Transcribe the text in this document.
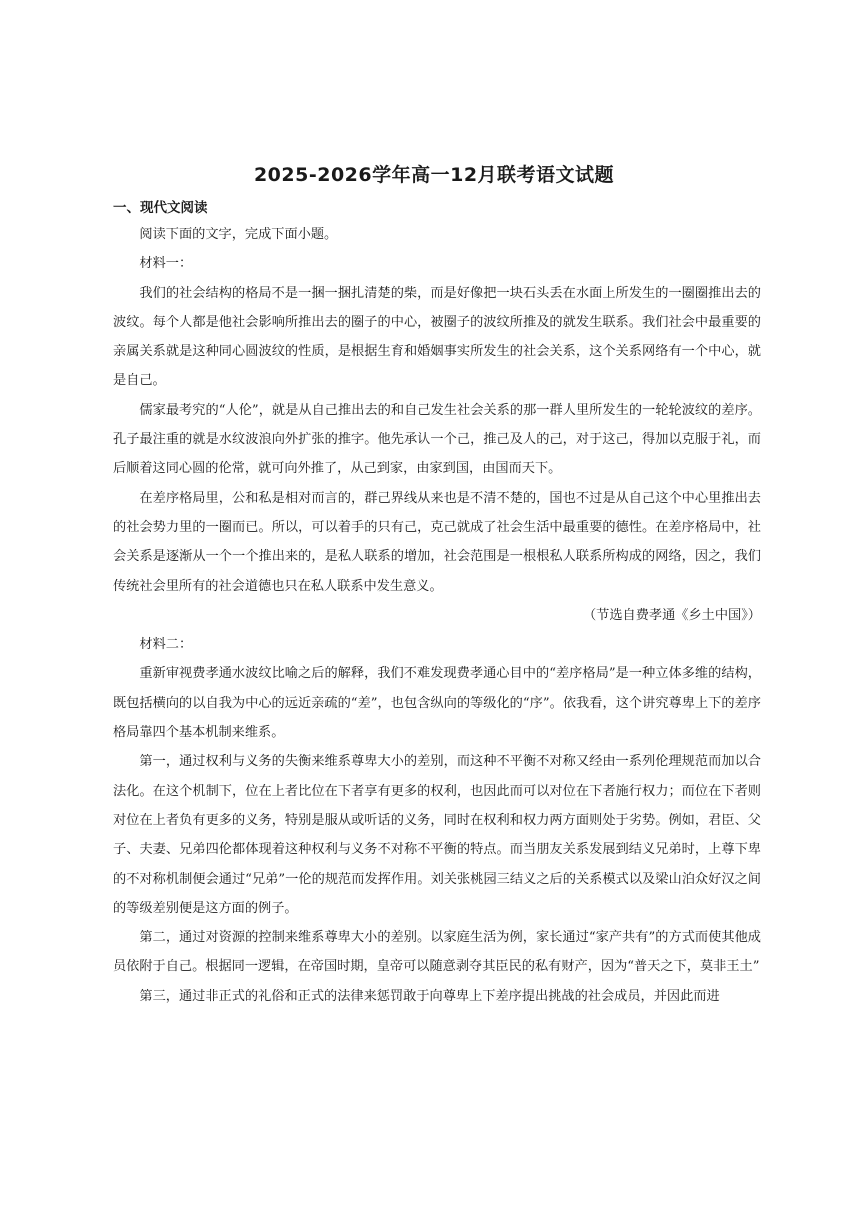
2025-2026学年高一12月联考语文试题
一、现代文阅读

阅读下面的文字，完成下面小题。

材料一：

我们的社会结构的格局不是一捆一捆扎清楚的柴，而是好像把一块石头丢在水面上所发生的一圈圈推出去的波纹。每个人都是他社会影响所推出去的圈子的中心，被圈子的波纹所推及的就发生联系。我们社会中最重要的亲属关系就是这种同心圆波纹的性质，是根据生育和婚姻事实所发生的社会关系，这个关系网络有一个中心，就是自己。

儒家最考究的“人伦”，就是从自己推出去的和自己发生社会关系的那一群人里所发生的一轮轮波纹的差序。孔子最注重的就是水纹波浪向外扩张的推字。他先承认一个己，推己及人的己，对于这己，得加以克服于礼，而后顺着这同心圆的伦常，就可向外推了，从己到家，由家到国，由国而天下。

在差序格局里，公和私是相对而言的，群己界线从来也是不清不楚的，国也不过是从自己这个中心里推出去的社会势力里的一圈而已。所以，可以着手的只有己，克己就成了社会生活中最重要的德性。在差序格局中，社会关系是逐渐从一个一个推出来的，是私人联系的增加，社会范围是一根根私人联系所构成的网络，因之，我们传统社会里所有的社会道德也只在私人联系中发生意义。

（节选自费孝通《乡土中国》）

材料二：

重新审视费孝通水波纹比喻之后的解释，我们不难发现费孝通心目中的“差序格局”是一种立体多维的结构，既包括横向的以自我为中心的远近亲疏的“差”，也包含纵向的等级化的“序”。依我看，这个讲究尊卑上下的差序格局靠四个基本机制来维系。

第一，通过权利与义务的失衡来维系尊卑大小的差别，而这种不平衡不对称又经由一系列伦理规范而加以合法化。在这个机制下，位在上者比位在下者享有更多的权利，也因此而可以对位在下者施行权力；而位在下者则对位在上者负有更多的义务，特别是服从或听话的义务，同时在权利和权力两方面则处于劣势。例如，君臣、父子、夫妻、兄弟四伦都体现着这种权利与义务不对称不平衡的特点。而当朋友关系发展到结义兄弟时，上尊下卑的不对称机制便会通过“兄弟”一伦的规范而发挥作用。刘关张桃园三结义之后的关系模式以及梁山泊众好汉之间的等级差别便是这方面的例子。

第二，通过对资源的控制来维系尊卑大小的差别。以家庭生活为例，家长通过“家产共有”的方式而使其他成员依附于自己。根据同一逻辑，在帝国时期，皇帝可以随意剥夺其臣民的私有财产，因为“普天之下，莫非王土”

第三，通过非正式的礼俗和正式的法律来惩罚敢于向尊卑上下差序提出挑战的社会成员，并因此而进
